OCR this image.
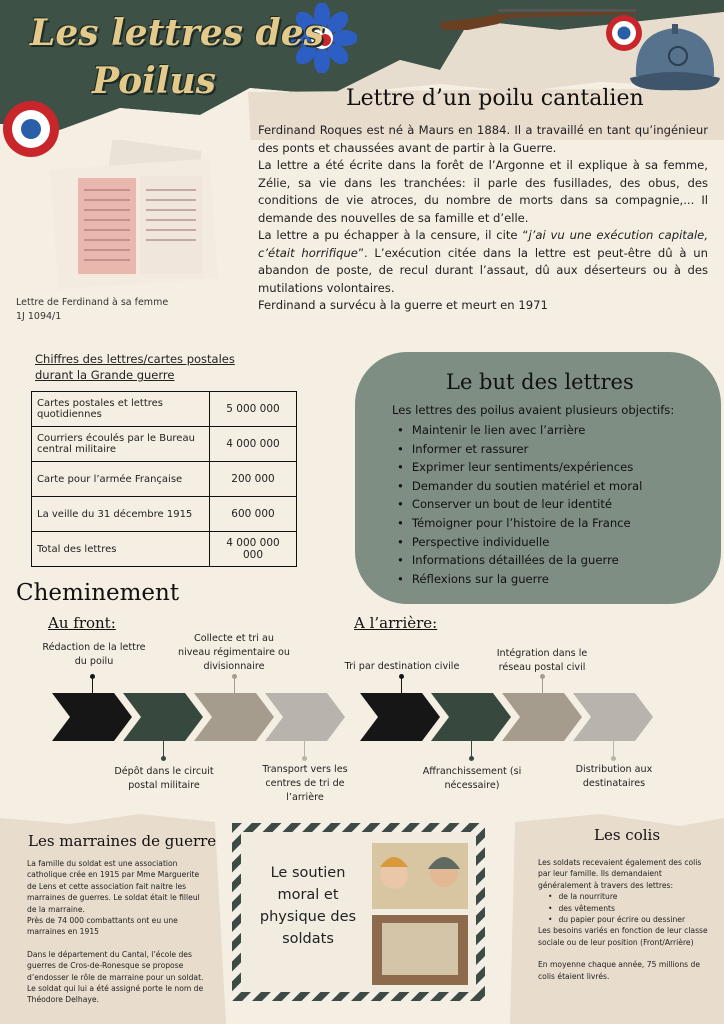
Les lettres des
Poilus
Lettre de Ferdinand à sa femme
1J 1094/1
Lettre d’un poilu cantalien

Ferdinand Roques est né à Maurs en 1884. Il a travaillé en tant qu’ingénieur des ponts et chaussées avant de partir à la Guerre.

La lettre a été écrite dans la forêt de l’Argonne et il explique à sa femme, Zélie, sa vie dans les tranchées: il parle des fusillades, des obus, des conditions de vie atroces, du nombre de morts dans sa compagnie,... Il demande des nouvelles de sa famille et d’elle.

La lettre a pu échapper à la censure, il cite “j’ai vu une exécution capitale, c’était horrifique”. L’exécution citée dans la lettre est peut-être dû à un abandon de poste, de recul durant l’assaut, dû aux déserteurs ou à des mutilations volontaires.

Ferdinand a survécu à la guerre et meurt en 1971

Chiffres des lettres/cartes postales
durant la Grande guerre
Cartes postales et lettres quotidiennes	5 000 000
Courriers écoulés par le Bureau central militaire	4 000 000
Carte pour l’armée Française	200 000
La veille du 31 décembre 1915	600 000
Total des lettres	4 000 000 000
Le but des lettres
Les lettres des poilus avaient plusieurs objectifs:
• Maintenir le lien avec l’arrière
• Informer et rassurer
• Exprimer leur sentiments/expériences
• Demander du soutien matériel et moral
• Conserver un bout de leur identité
• Témoigner pour l’histoire de la France
• Perspective individuelle
• Informations détaillées de la guerre
• Réflexions sur la guerre
Cheminement
Au front:	A l’arrière:
Rédaction de la lettre du poilu
Dépôt dans le circuit postal militaire
Collecte et tri au niveau régimentaire ou divisionnaire
Transport vers les centres de tri de l’arrière
Tri par destination civile
Affranchissement (si nécessaire)
Intégration dans le réseau postal civil
Distribution aux destinataires
Les marraines de guerre
La famille du soldat est une association catholique crée en 1915 par Mme Marguerite de Lens et cette association fait naitre les marraines de guerres. Le soldat était le filleul de la marraine.
Près de 74 000 combattants ont eu une marraines en 1915
Dans le département du Cantal, l’école des guerres de Cros-de-Ronesque se propose d’endosser le rôle de marraine pour un soldat. Le soldat qui lui a été assigné porte le nom de Théodore Delhaye.
Le soutien moral et physique des soldats
Les colis
Les soldats recevaient également des colis par leur famille. Ils demandaient généralement à travers des lettres:
• de la nourriture
• des vêtements
• du papier pour écrire ou dessiner
Les besoins variés en fonction de leur classe sociale ou de leur position (Front/Arrière)
En moyenne chaque année, 75 millions de colis étaient livrés.
